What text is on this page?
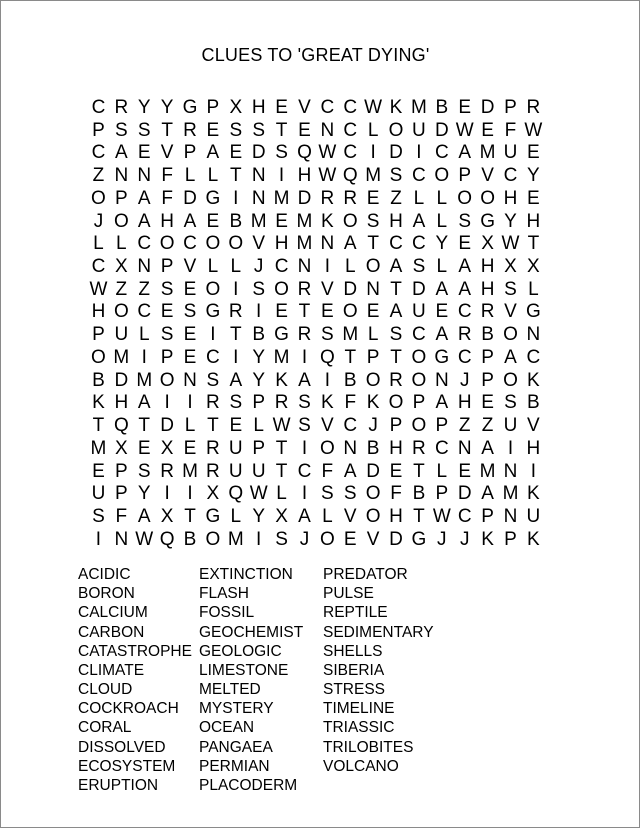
CLUES TO 'GREAT DYING'
C R Y Y G P X H E V C C W K M B E D P R
P S S T R E S S T E N C L O U D W E F W
C A E V P A E D S Q W C I D I C A M U E
Z N N F L L T N I H W Q M S C O P V C Y
O P A F D G I N M D R R E Z L L O O H E
J O A H A E B M E M K O S H A L S G Y H
L L C O C O O V H M N A T C C Y E X W T
C X N P V L L J C N I L O A S L A H X X
W Z Z S E O I S O R V D N T D A A H S L
H O C E S G R I E T E O E A U E C R V G
P U L S E I T B G R S M L S C A R B O N
O M I P E C I Y M I Q T P T O G C P A C
B D M O N S A Y K A I B O R O N J P O K
K H A I I R S P R S K F K O P A H E S B
T Q T D L T E L W S V C J P O P Z Z U V
M X E X E R U P T I O N B H R C N A I H
E P S R M R U U T C F A D E T L E M N I
U P Y I I X Q W L I S S O F B P D A M K
S F A X T G L Y X A L V O H T W C P N U
I N W Q B O M I S J O E V D G J J K P K
ACIDIC
BORON
CALCIUM
CARBON
CATASTROPHE
CLIMATE
CLOUD
COCKROACH
CORAL
DISSOLVED
ECOSYSTEM
ERUPTION
EXTINCTION
FLASH
FOSSIL
GEOCHEMIST
GEOLOGIC
LIMESTONE
MELTED
MYSTERY
OCEAN
PANGAEA
PERMIAN
PLACODERM
PREDATOR
PULSE
REPTILE
SEDIMENTARY
SHELLS
SIBERIA
STRESS
TIMELINE
TRIASSIC
TRILOBITES
VOLCANO
